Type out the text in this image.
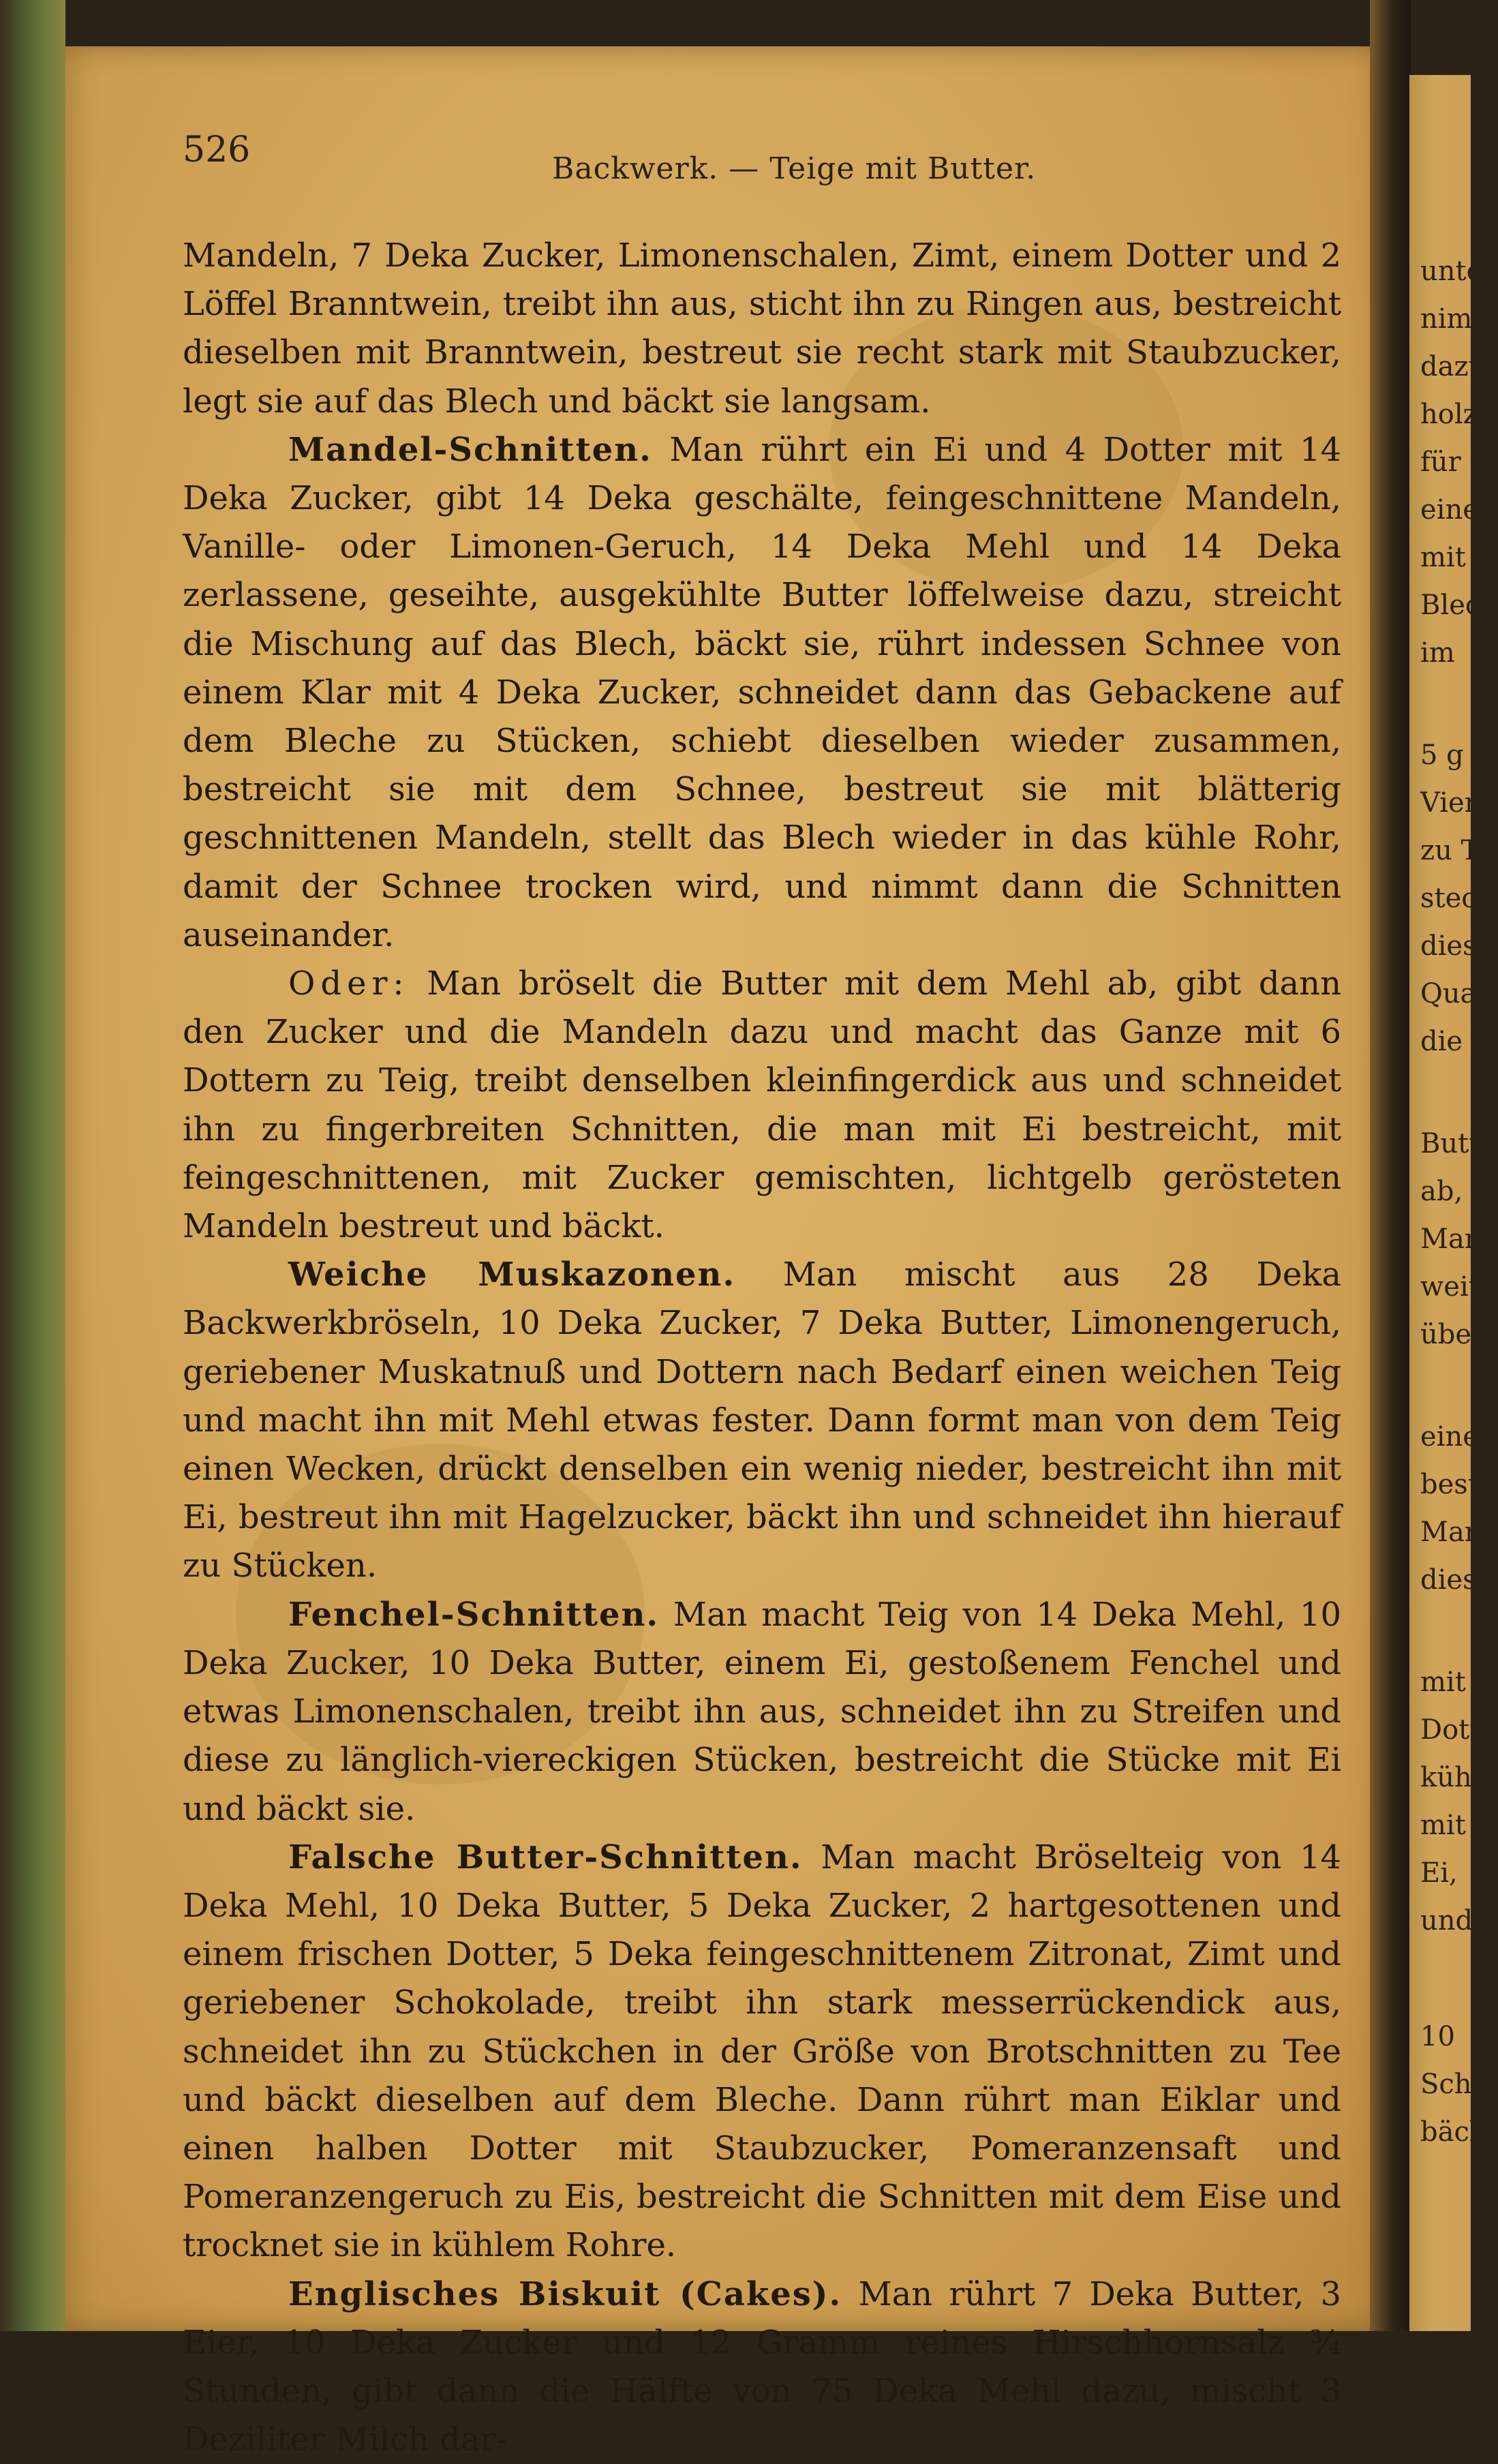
unte
nimm
dazu
holze
für
einen
mit
Blec
im
5 g
Vier
zu T
stech
diese
Qua
die
Butt
ab,
Man
weite
über
einen
bestr
Man
diese
mit
Dott
kühl
mit
Ei,
und
10
Schn
bäck
526	Backwerk. — Teige mit Butter.

Mandeln, 7 Deka Zucker, Limonenschalen, Zimt, einem Dotter und 2 Löffel Branntwein, treibt ihn aus, sticht ihn zu Ringen aus, bestreicht dieselben mit Branntwein, bestreut sie recht stark mit Staubzucker, legt sie auf das Blech und bäckt sie langsam.

Mandel-Schnitten. Man rührt ein Ei und 4 Dotter mit 14 Deka Zucker, gibt 14 Deka geschälte, feingeschnittene Mandeln, Vanille- oder Limonen-Geruch, 14 Deka Mehl und 14 Deka zerlassene, geseihte, ausgekühlte Butter löffelweise dazu, streicht die Mischung auf das Blech, bäckt sie, rührt indessen Schnee von einem Klar mit 4 Deka Zucker, schneidet dann das Gebackene auf dem Bleche zu Stücken, schiebt dieselben wieder zusammen, bestreicht sie mit dem Schnee, bestreut sie mit blätterig geschnittenen Mandeln, stellt das Blech wieder in das kühle Rohr, damit der Schnee trocken wird, und nimmt dann die Schnitten auseinander.

Oder: Man bröselt die Butter mit dem Mehl ab, gibt dann den Zucker und die Mandeln dazu und macht das Ganze mit 6 Dottern zu Teig, treibt denselben kleinfingerdick aus und schneidet ihn zu fingerbreiten Schnitten, die man mit Ei bestreicht, mit feingeschnittenen, mit Zucker gemischten, lichtgelb gerösteten Mandeln bestreut und bäckt.

Weiche Muskazonen. Man mischt aus 28 Deka Backwerkbröseln, 10 Deka Zucker, 7 Deka Butter, Limonengeruch, geriebener Muskatnuß und Dottern nach Bedarf einen weichen Teig und macht ihn mit Mehl etwas fester. Dann formt man von dem Teig einen Wecken, drückt denselben ein wenig nieder, bestreicht ihn mit Ei, bestreut ihn mit Hagelzucker, bäckt ihn und schneidet ihn hierauf zu Stücken.

Fenchel-Schnitten. Man macht Teig von 14 Deka Mehl, 10 Deka Zucker, 10 Deka Butter, einem Ei, gestoßenem Fenchel und etwas Limonenschalen, treibt ihn aus, schneidet ihn zu Streifen und diese zu länglich-viereckigen Stücken, bestreicht die Stücke mit Ei und bäckt sie.

Falsche Butter-Schnitten. Man macht Bröselteig von 14 Deka Mehl, 10 Deka Butter, 5 Deka Zucker, 2 hartgesottenen und einem frischen Dotter, 5 Deka feingeschnittenem Zitronat, Zimt und geriebener Schokolade, treibt ihn stark messerrückendick aus, schneidet ihn zu Stückchen in der Größe von Brotschnitten zu Tee und bäckt dieselben auf dem Bleche. Dann rührt man Eiklar und einen halben Dotter mit Staubzucker, Pomeranzensaft und Pomeranzengeruch zu Eis, bestreicht die Schnitten mit dem Eise und trocknet sie in kühlem Rohre.

Englisches Biskuit (Cakes). Man rührt 7 Deka Butter, 3 Eier, 10 Deka Zucker und 12 Gramm reines Hirschhornsalz ¾ Stunden, gibt dann die Hälfte von 75 Deka Mehl dazu, mischt 3 Deziliter Milch dar-
